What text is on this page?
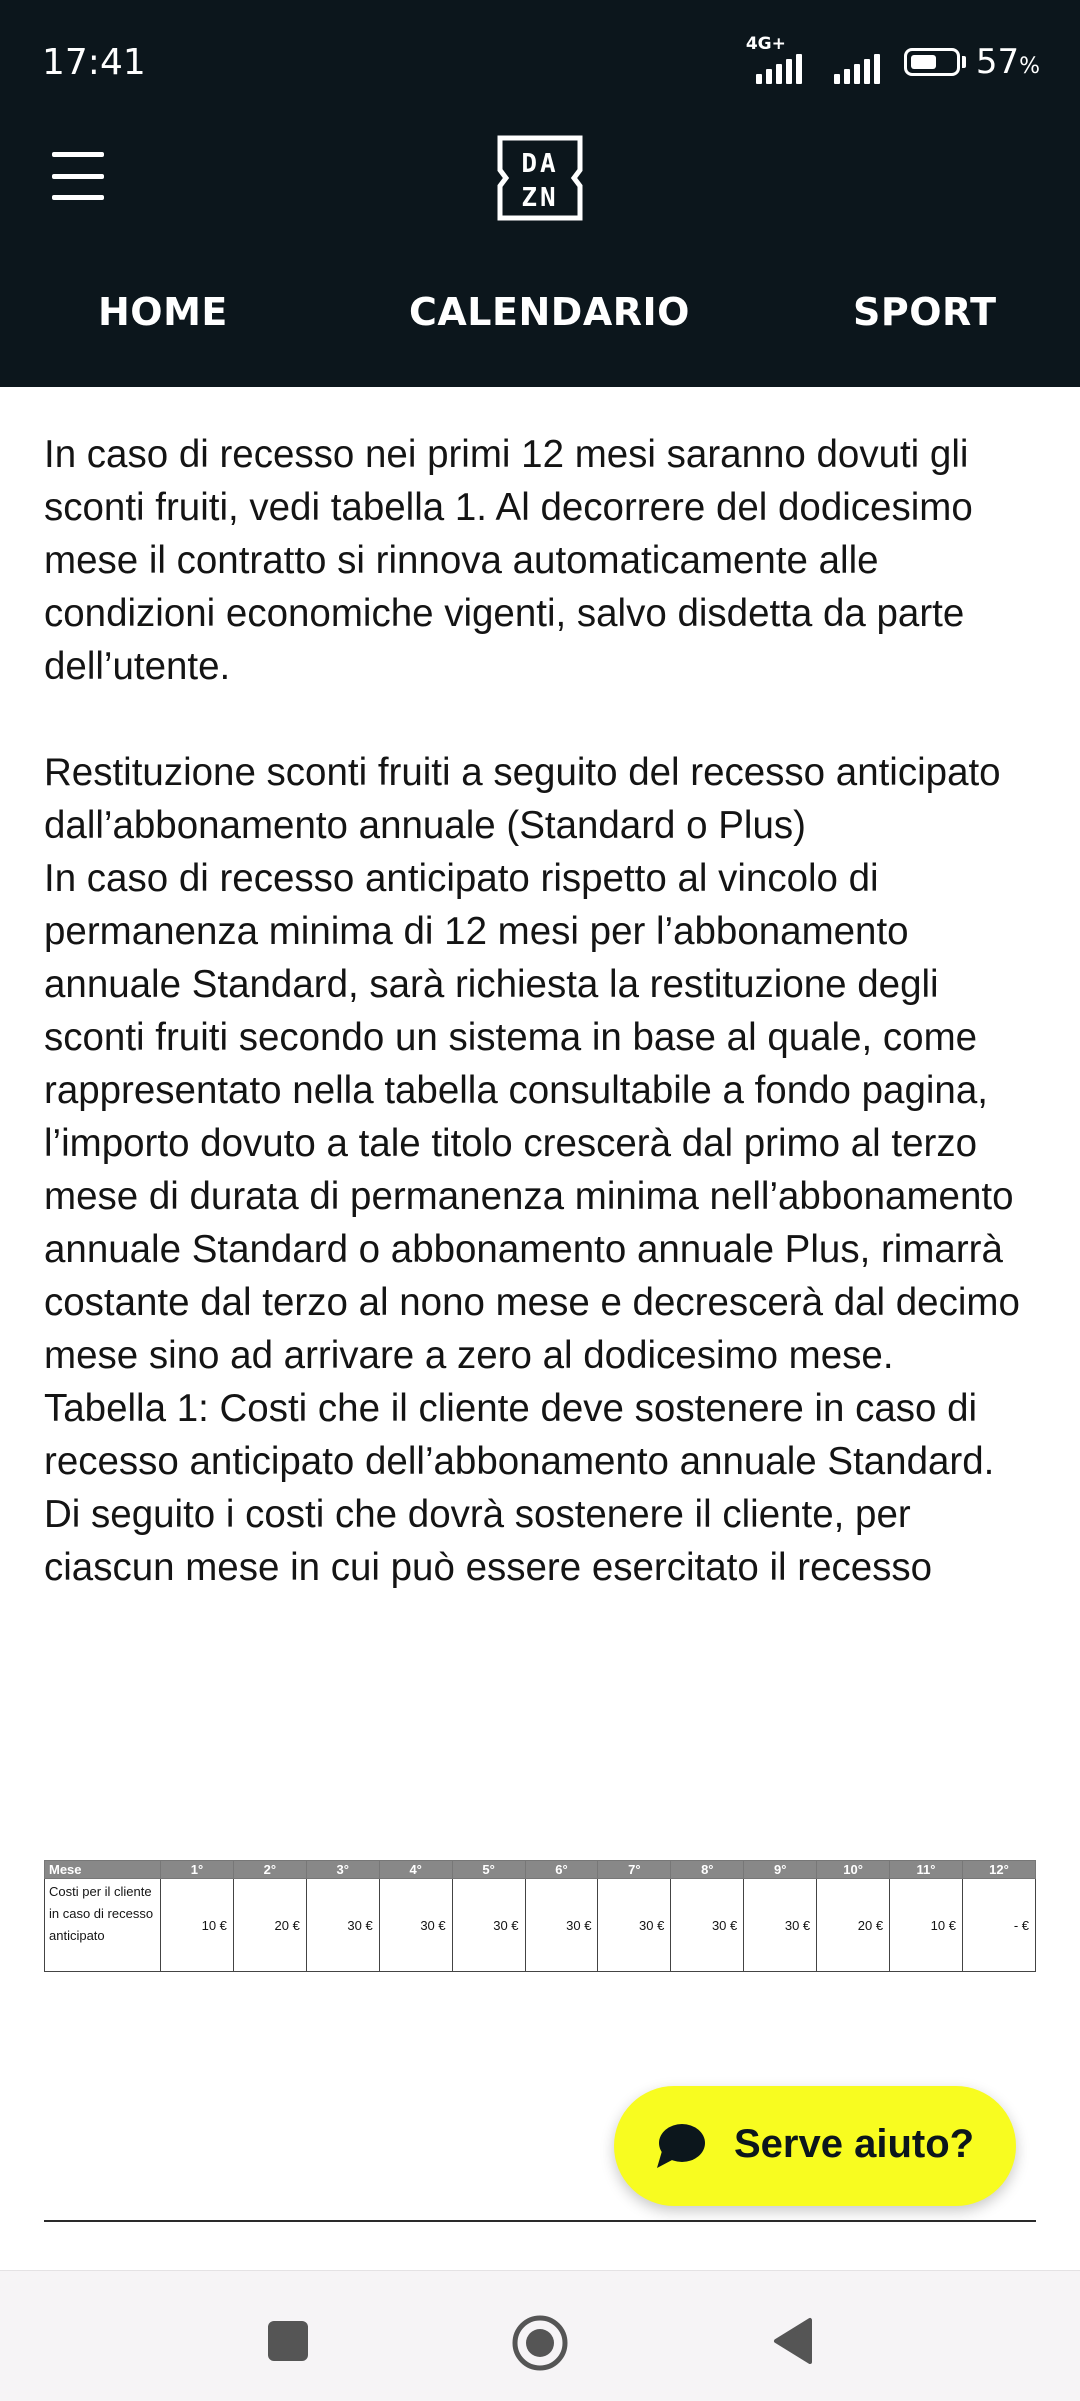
17:41	4G+	57%
DA
ZN
HOME	CALENDARIO	SPORT

In caso di recesso nei primi 12 mesi saranno dovuti gli sconti fruiti, vedi tabella 1. Al decorrere del dodicesimo mese il contratto si rinnova automaticamente alle condizioni economiche vigenti, salvo disdetta da parte dell’utente.

Restituzione sconti fruiti a seguito del recesso anticipato dall’abbonamento annuale (Standard o Plus)

In caso di recesso anticipato rispetto al vincolo di permanenza minima di 12 mesi per l’abbonamento annuale Standard, sarà richiesta la restituzione degli sconti fruiti secondo un sistema in base al quale, come rappresentato nella tabella consultabile a fondo pagina, l’importo dovuto a tale titolo crescerà dal primo al terzo mese di durata di permanenza minima nell’abbonamento annuale Standard o abbonamento annuale Plus, rimarrà costante dal terzo al nono mese e decrescerà dal decimo mese sino ad arrivare a zero al dodicesimo mese.

Tabella 1: Costi che il cliente deve sostenere in caso di recesso anticipato dell’abbonamento annuale Standard.

Di seguito i costi che dovrà sostenere il cliente, per ciascun mese in cui può essere esercitato il recesso

Mese	1°	2°	3°	4°	5°	6°	7°	8°	9°	10°	11°	12°
Costi per il cliente in caso di recesso anticipato	10 €	20 €	30 €	30 €	30 €	30 €	30 €	30 €	30 €	20 €	10 €	- €
Serve aiuto?
